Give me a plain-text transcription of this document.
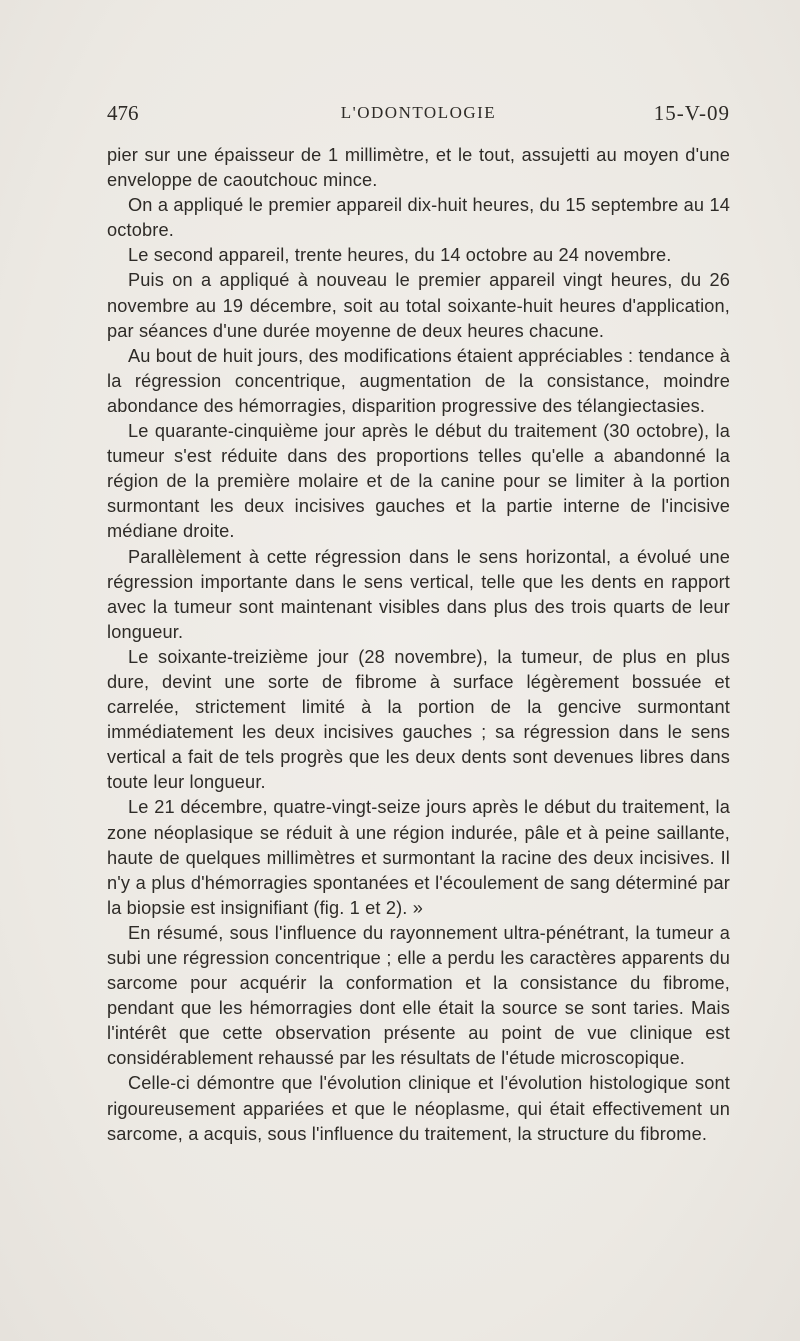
476	L'ODONTOLOGIE	15-V-09

pier sur une épaisseur de 1 millimètre, et le tout, assujetti au moyen d'une enveloppe de caoutchouc mince.

On a appliqué le premier appareil dix-huit heures, du 15 septembre au 14 octobre.

Le second appareil, trente heures, du 14 octobre au 24 novembre.

Puis on a appliqué à nouveau le premier appareil vingt heures, du 26 novembre au 19 décembre, soit au total soixante-huit heures d'application, par séances d'une durée moyenne de deux heures chacune.

Au bout de huit jours, des modifications étaient appréciables : tendance à la régression concentrique, augmentation de la consistance, moindre abondance des hémorragies, disparition progressive des télangiectasies.

Le quarante-cinquième jour après le début du traitement (30 octobre), la tumeur s'est réduite dans des proportions telles qu'elle a abandonné la région de la première molaire et de la canine pour se limiter à la portion surmontant les deux incisives gauches et la partie interne de l'incisive médiane droite.

Parallèlement à cette régression dans le sens horizontal, a évolué une régression importante dans le sens vertical, telle que les dents en rapport avec la tumeur sont maintenant visibles dans plus des trois quarts de leur longueur.

Le soixante-treizième jour (28 novembre), la tumeur, de plus en plus dure, devint une sorte de fibrome à surface légèrement bossuée et carrelée, strictement limité à la portion de la gencive surmontant immédiatement les deux incisives gauches ; sa régression dans le sens vertical a fait de tels progrès que les deux dents sont devenues libres dans toute leur longueur.

Le 21 décembre, quatre-vingt-seize jours après le début du traitement, la zone néoplasique se réduit à une région indurée, pâle et à peine saillante, haute de quelques millimètres et surmontant la racine des deux incisives. Il n'y a plus d'hémorragies spontanées et l'écoulement de sang déterminé par la biopsie est insignifiant (fig. 1 et 2). »

En résumé, sous l'influence du rayonnement ultra-pénétrant, la tumeur a subi une régression concentrique ; elle a perdu les caractères apparents du sarcome pour acquérir la conformation et la consistance du fibrome, pendant que les hémorragies dont elle était la source se sont taries. Mais l'intérêt que cette observation présente au point de vue clinique est considérablement rehaussé par les résultats de l'étude microscopique.

Celle-ci démontre que l'évolution clinique et l'évolution histologique sont rigoureusement appariées et que le néoplasme, qui était effectivement un sarcome, a acquis, sous l'influence du traitement, la structure du fibrome.
